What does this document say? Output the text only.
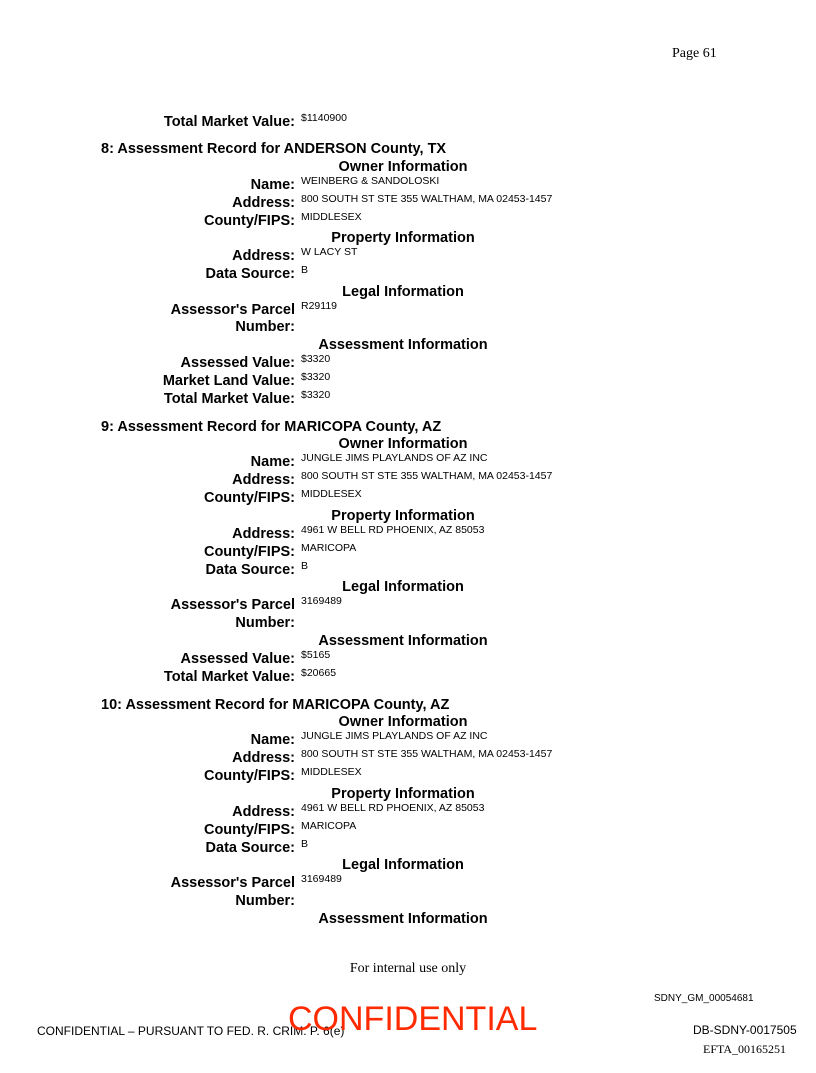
Page 61
Total Market Value: $1140900
8: Assessment Record for ANDERSON County, TX
Owner Information
Name: WEINBERG & SANDOLOSKI
Address: 800 SOUTH ST STE 355 WALTHAM, MA 02453-1457
County/FIPS: MIDDLESEX
Property Information
Address: W LACY ST
Data Source: B
Legal Information
Assessor's Parcel R29119
Number:
Assessment Information
Assessed Value: $3320
Market Land Value: $3320
Total Market Value: $3320
9: Assessment Record for MARICOPA County, AZ
Owner Information
Name: JUNGLE JIMS PLAYLANDS OF AZ INC
Address: 800 SOUTH ST STE 355 WALTHAM, MA 02453-1457
County/FIPS: MIDDLESEX
Property Information
Address: 4961 W BELL RD PHOENIX, AZ 85053
County/FIPS: MARICOPA
Data Source: B
Legal Information
Assessor's Parcel 3169489
Number:
Assessment Information
Assessed Value: $5165
Total Market Value: $20665
10: Assessment Record for MARICOPA County, AZ
Owner Information
Name: JUNGLE JIMS PLAYLANDS OF AZ INC
Address: 800 SOUTH ST STE 355 WALTHAM, MA 02453-1457
County/FIPS: MIDDLESEX
Property Information
Address: 4961 W BELL RD PHOENIX, AZ 85053
County/FIPS: MARICOPA
Data Source: B
Legal Information
Assessor's Parcel 3169489
Number:
Assessment Information
For internal use only
SDNY_GM_00054681
CONFIDENTIAL – PURSUANT TO FED. R. CRIM. P. 6(e)
CONFIDENTIAL	DB-SDNY-0017505
EFTA_00165251
